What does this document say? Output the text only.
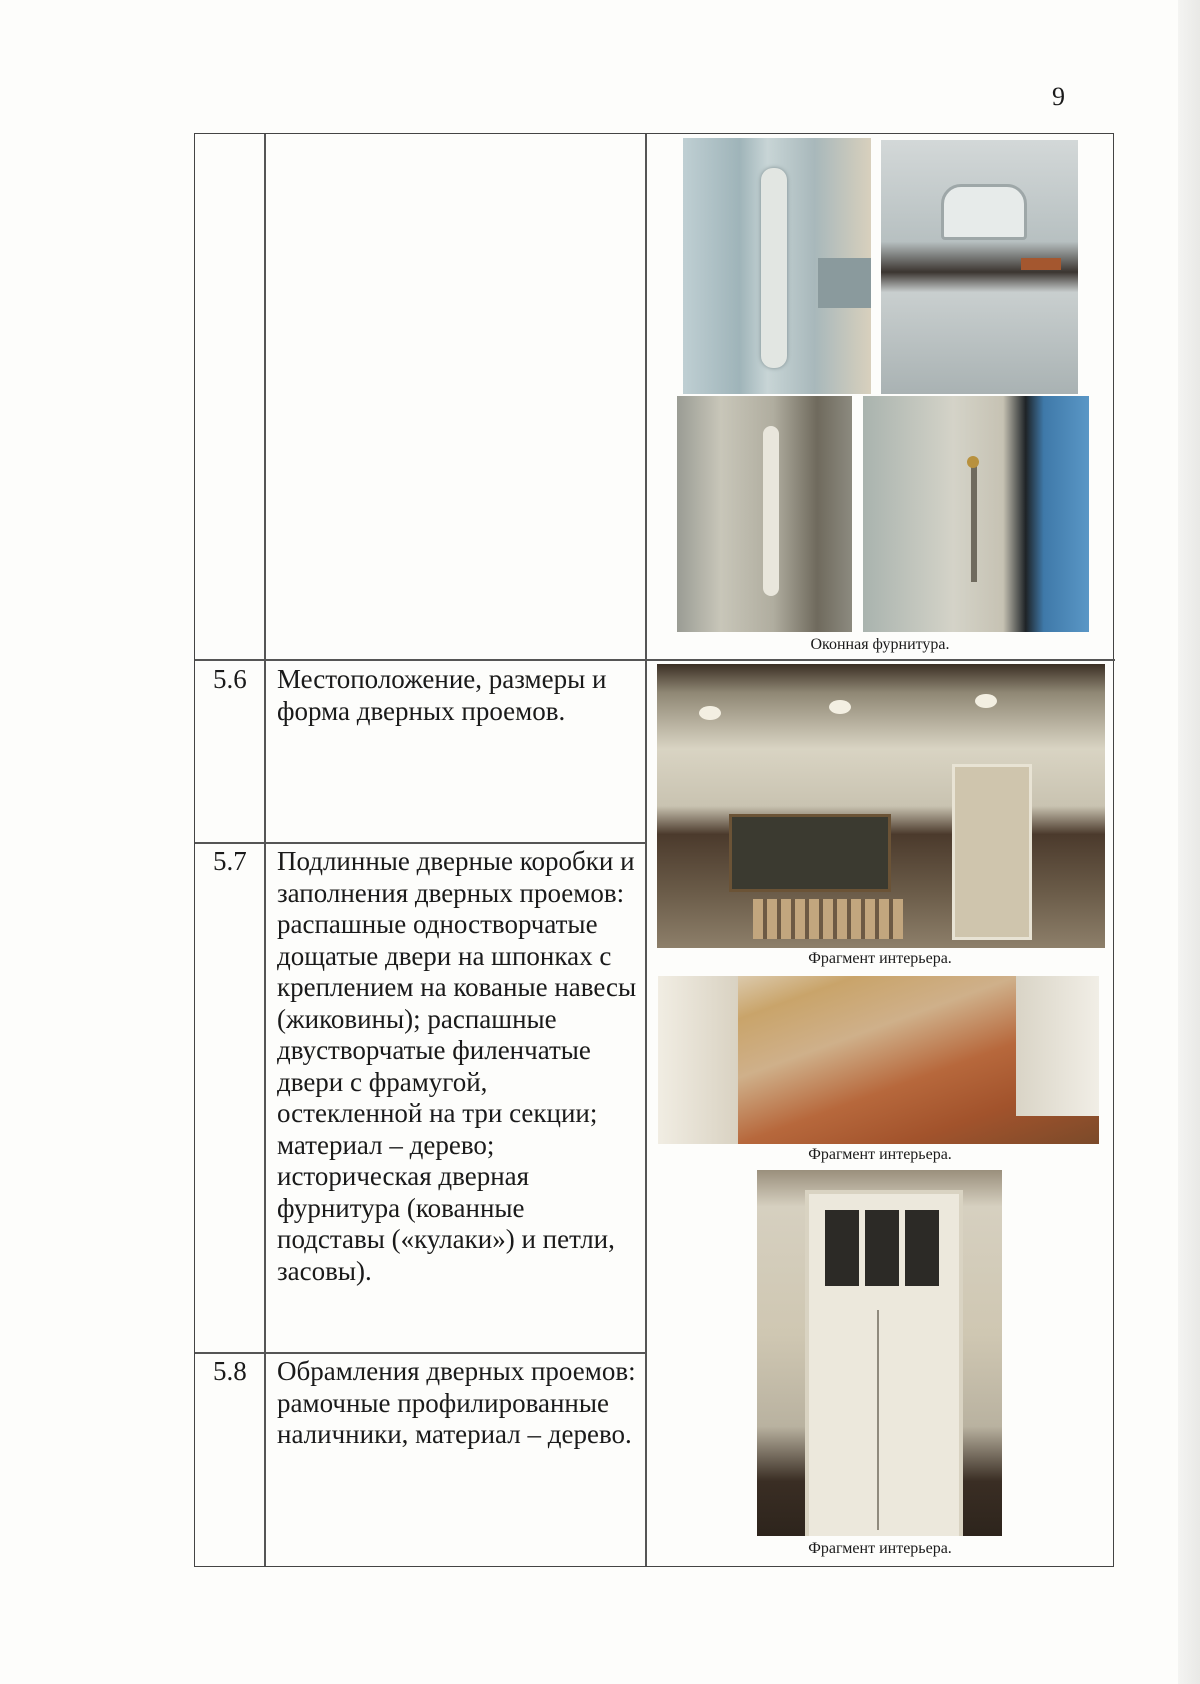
9
Оконная фурнитура.
5.6 Местоположение, размеры и форма дверных проемов.
5.7 Подлинные дверные коробки и заполнения дверных проемов: распашные одностворчатые дощатые двери на шпонках с креплением на кованые навесы (жиковины); распашные двустворчатые филенчатые двери с фрамугой, остекленной на три секции; материал – дерево; историческая дверная фурнитура (кованные подставы («кулаки») и петли, засовы).
Фрагмент интерьера.
Фрагмент интерьера.
5.8 Обрамления дверных проемов: рамочные профилированные наличники, материал – дерево.
Фрагмент интерьера.
